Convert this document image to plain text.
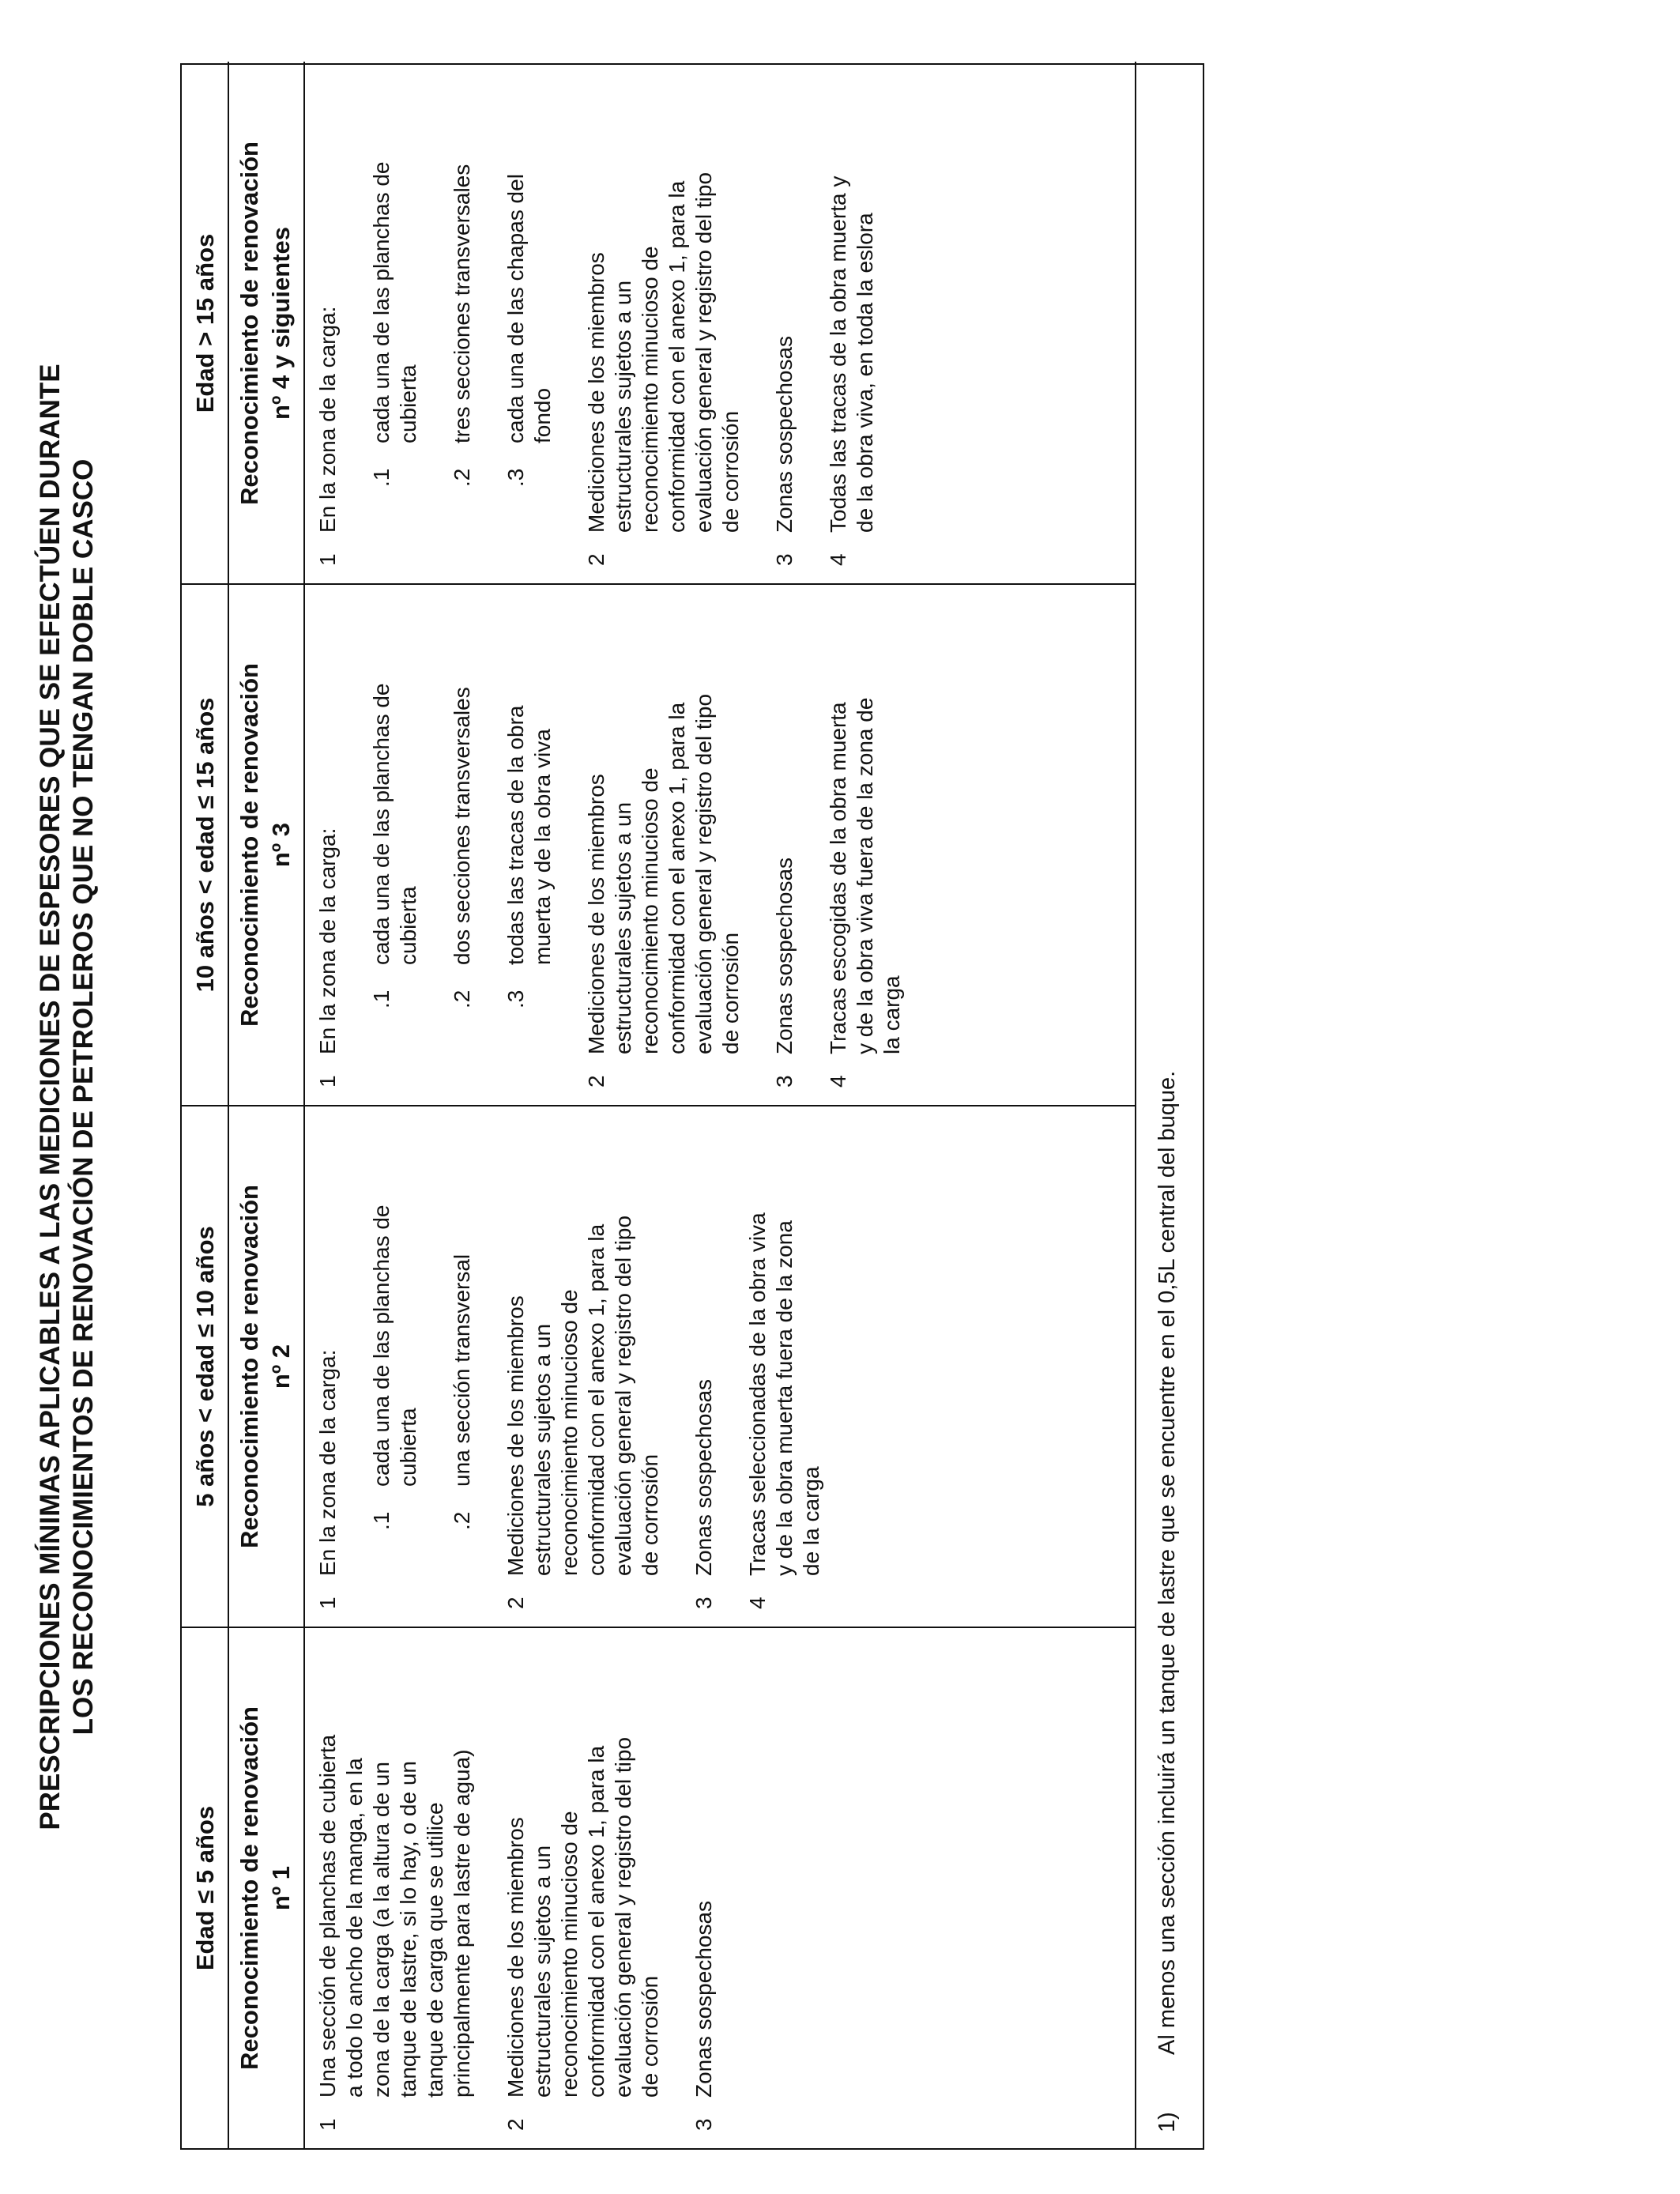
PRESCRIPCIONES MÍNIMAS APLICABLES A LAS MEDICIONES DE ESPESORES QUE SE EFECTÚEN DURANTE LOS RECONOCIMIENTOS DE RENOVACIÓN DE PETROLEROS QUE NO TENGAN DOBLE CASCO
Edad ≤ 5 años
5 años < edad ≤ 10 años
10 años < edad ≤ 15 años
Edad > 15 años
Reconocimiento de renovación nº 1
Reconocimiento de renovación nº 2
Reconocimiento de renovación nº 3
Reconocimiento de renovación nº 4 y siguientes
1
Una sección de planchas de cubierta a todo lo ancho de la manga, en la zona de la carga (a la altura de un tanque de lastre, si lo hay, o de un tanque de carga que se utilice principalmente para lastre de agua)
2
Mediciones de los miembros estructurales sujetos a un reconocimiento minucioso de conformidad con el anexo 1, para la evaluación general y registro del tipo de corrosión
3
Zonas sospechosas
1
En la zona de la carga: .1
cada una de las planchas de cubierta
.2
una sección transversal
2
Mediciones de los miembros estructurales sujetos a un reconocimiento minucioso de conformidad con el anexo 1, para la evaluación general y registro del tipo de corrosión
3
Zonas sospechosas
4
Tracas seleccionadas de la obra viva y de la obra muerta fuera de la zona de la carga
1
En la zona de la carga: .1
cada una de las planchas de cubierta
.2
dos secciones transversales
.3
todas las tracas de la obra muerta y de la obra viva
2
Mediciones de los miembros estructurales sujetos a un reconocimiento minucioso de conformidad con el anexo 1, para la evaluación general y registro del tipo de corrosión
3
Zonas sospechosas
4
Tracas escogidas de la obra muerta y de la obra viva fuera de la zona de la carga
1
En la zona de la carga: .1
cada una de las planchas de cubierta
.2
tres secciones transversales
.3
cada una de las chapas del fondo
2
Mediciones de los miembros estructurales sujetos a un reconocimiento minucioso de conformidad con el anexo 1, para la evaluación general y registro del tipo de corrosión
3
Zonas sospechosas
4
Todas las tracas de la obra muerta y de la obra viva, en toda la eslora
1)
Al menos una sección incluirá un tanque de lastre que se encuentre en el 0,5L central del buque.
